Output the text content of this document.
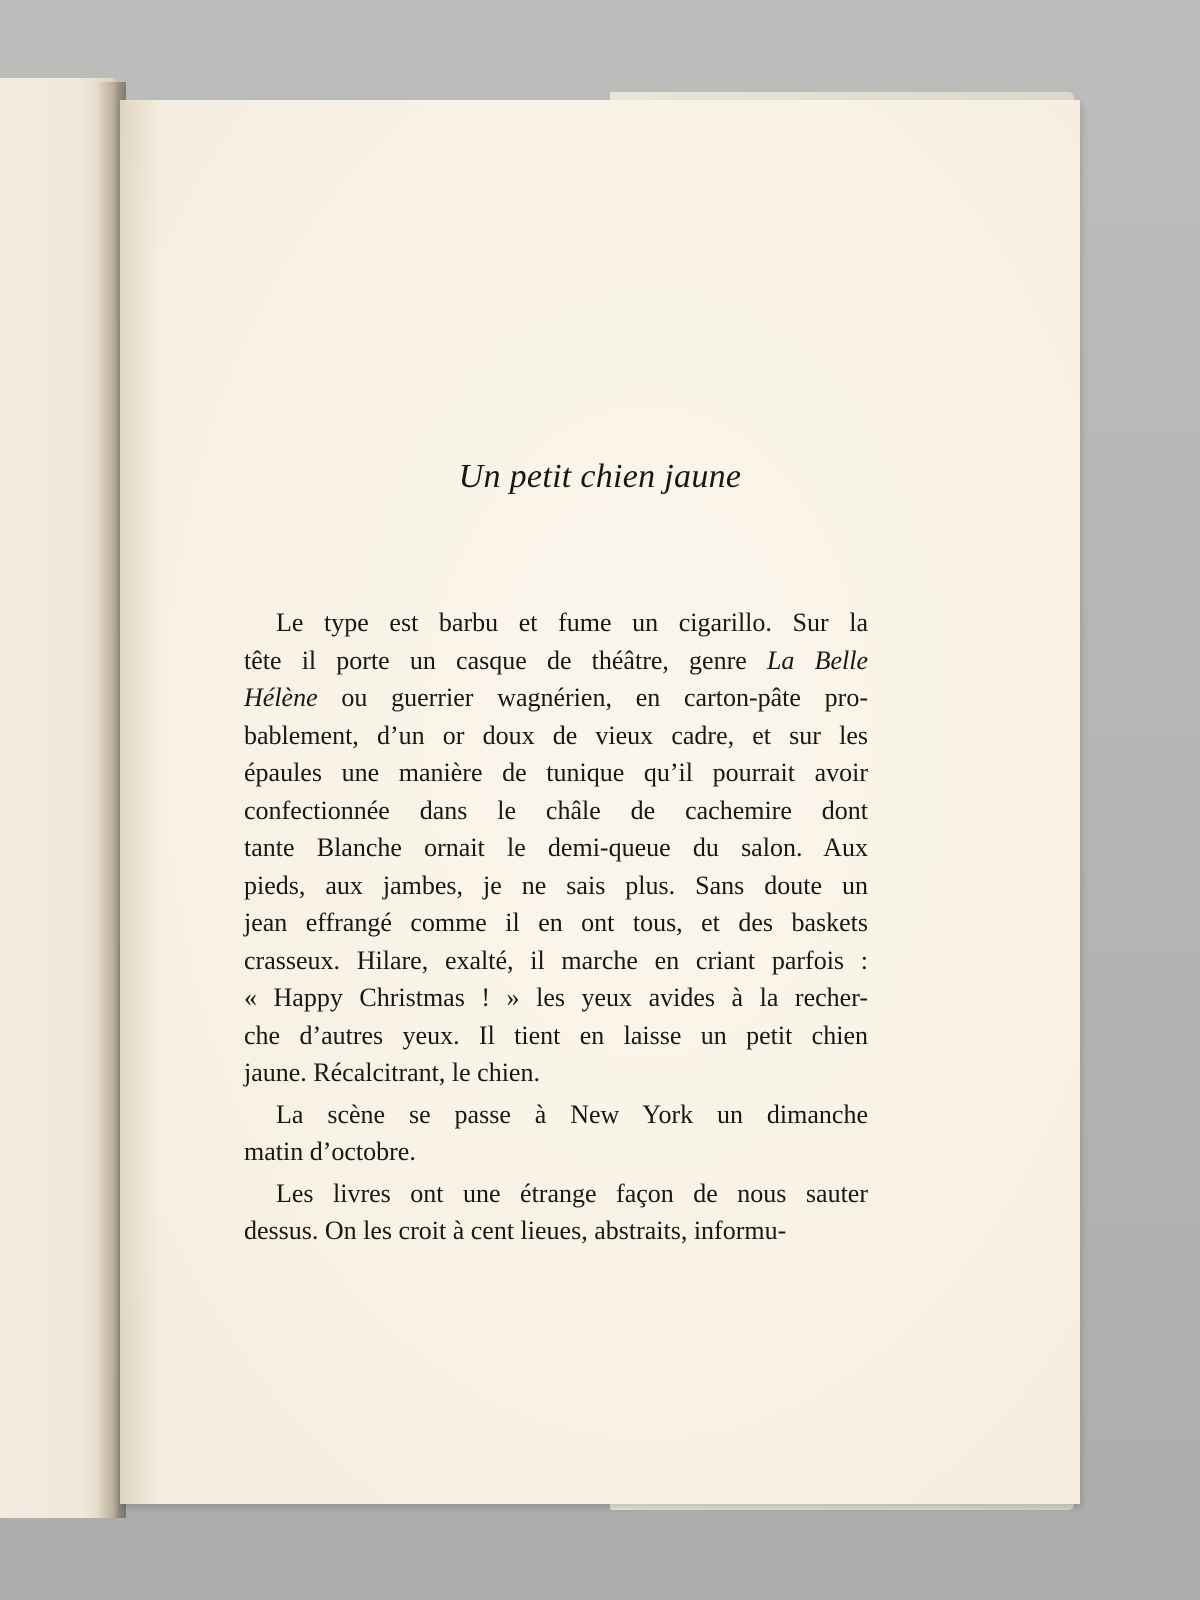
Un petit chien jaune
Le type est barbu et fume un cigarillo. Sur la
tête il porte un casque de théâtre, genre La Belle
Hélène ou guerrier wagnérien, en carton-pâte pro-
bablement, d’un or doux de vieux cadre, et sur les
épaules une manière de tunique qu’il pourrait avoir
confectionnée dans le châle de cachemire dont
tante Blanche ornait le demi-queue du salon. Aux
pieds, aux jambes, je ne sais plus. Sans doute un
jean effrangé comme il en ont tous, et des baskets
crasseux. Hilare, exalté, il marche en criant parfois :
« Happy Christmas ! » les yeux avides à la recher-
che d’autres yeux. Il tient en laisse un petit chien
jaune. Récalcitrant, le chien.
La scène se passe à New York un dimanche
matin d’octobre.
Les livres ont une étrange façon de nous sauter
dessus. On les croit à cent lieues, abstraits, informu-
